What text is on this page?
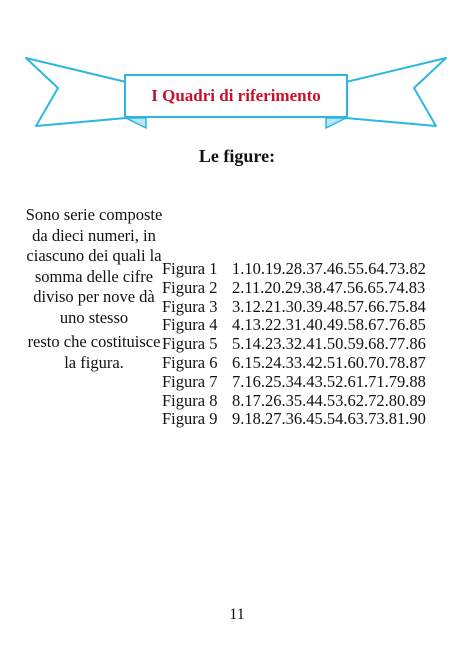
I Quadri di riferimento
Le figure:

Sono serie composte da dieci numeri, in ciascuno dei quali la somma delle cifre diviso per nove dà uno stesso

resto che costituisce la figura.

Figura 1 1.10.19.28.37.46.55.64.73.82
Figura 2 2.11.20.29.38.47.56.65.74.83
Figura 3 3.12.21.30.39.48.57.66.75.84
Figura 4 4.13.22.31.40.49.58.67.76.85
Figura 5 5.14.23.32.41.50.59.68.77.86
Figura 6 6.15.24.33.42.51.60.70.78.87
Figura 7 7.16.25.34.43.52.61.71.79.88
Figura 8 8.17.26.35.44.53.62.72.80.89
Figura 9 9.18.27.36.45.54.63.73.81.90
11
